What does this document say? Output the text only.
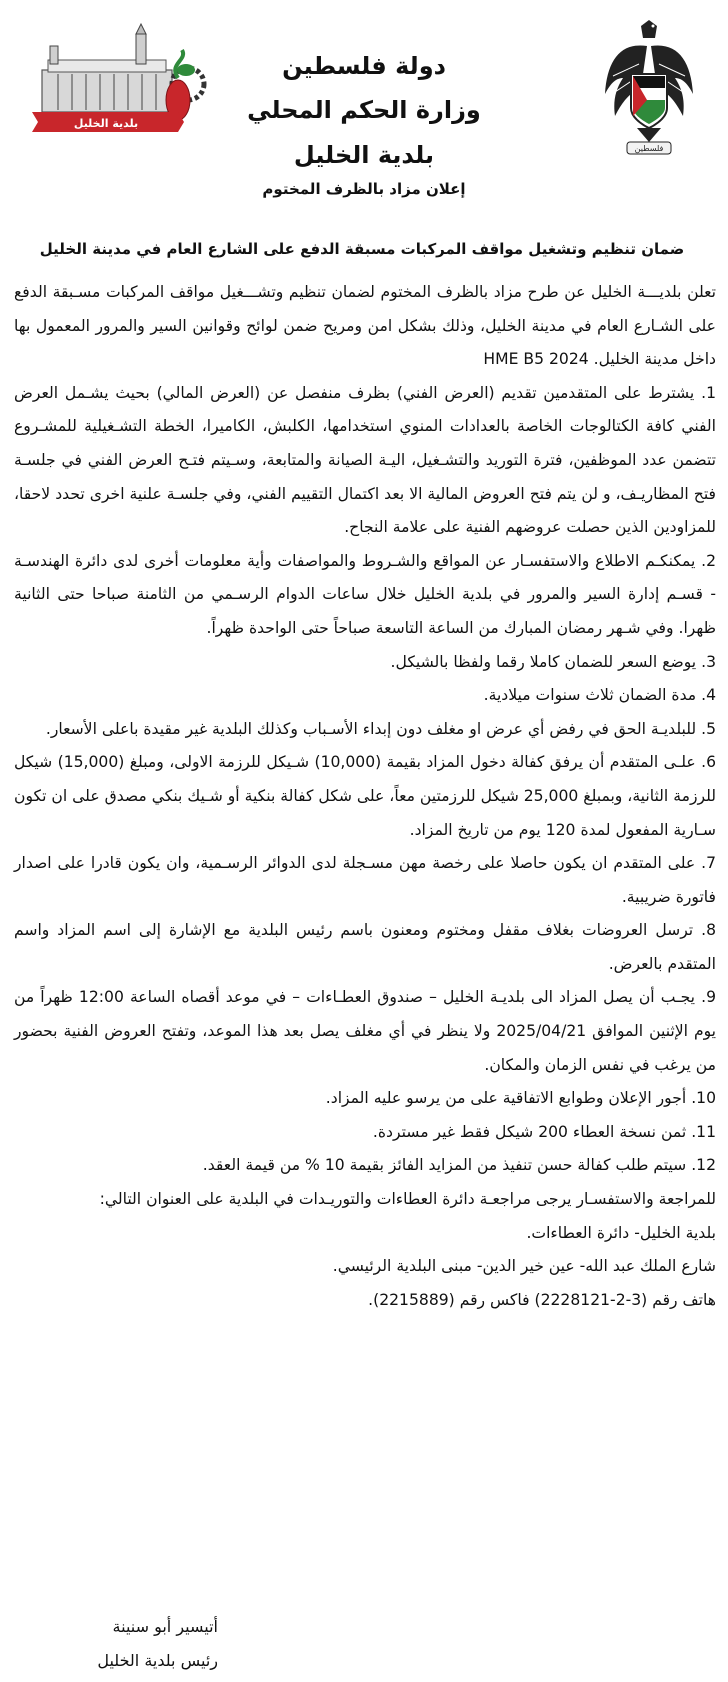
بلدية الخليل
فلسطين
دولة فلسطين
وزارة الحكم المحلي
بلدية الخليل
إعلان مزاد بالظرف المختوم
ضمان تنظيم وتشغيل مواقف المركبات مسبقة الدفع على الشارع العام في مدينة الخليل

تعلن بلديـــة الخليل عن طرح مزاد بالظرف المختوم لضمان تنظيم وتشـــغيل مواقف المركبات مسـبقة الدفع على الشـارع العام في مدينة الخليل، وذلك بشكل امن ومريح ضمن لوائح وقوانين السير والمرور المعمول بها داخل مدينة الخليل. HME B5 2024

1. يشترط على المتقدمين تقديم (العرض الفني) بظرف منفصل عن (العرض المالي) بحيث يشـمل العرض الفني كافة الكتالوجات الخاصة بالعدادات المنوي استخدامها، الكلبش، الكاميرا، الخطة التشـغيلية للمشـروع تتضمن عدد الموظفين، فترة التوريد والتشـغيل، اليـة الصيانة والمتابعة، وسـيتم فتـح العرض الفني في جلسـة فتح المظاريـف، و لن يتم فتح العروض المالية الا بعد اكتمال التقييم الفني، وفي جلسـة علنية اخرى تحدد لاحقا، للمزاودين الذين حصلت عروضهم الفنية على علامة النجاح.

2. يمكنكـم الاطلاع والاستفسـار عن المواقع والشـروط والمواصفات وأية معلومات أخرى لدى دائرة الهندسـة - قسـم إدارة السير والمرور في بلدية الخليل خلال ساعات الدوام الرسـمي من الثامنة صباحا حتى الثانية ظهرا. وفي شـهر رمضان المبارك من الساعة التاسعة صباحاً حتى الواحدة ظهراً.

3. يوضع السعر للضمان كاملا رقما ولفظا بالشيكل.

4. مدة الضمان ثلاث سنوات ميلادية.

5. للبلديـة الحق في رفض أي عرض او مغلف دون إبداء الأسـباب وكذلك البلدية غير مقيدة باعلى الأسعار.

6. علـى المتقدم أن يرفق كفالة دخول المزاد بقيمة (10,000) شـيكل للرزمة الاولى، ومبلغ (15,000) شيكل للرزمة الثانية، وبمبلغ 25,000 شيكل للرزمتين معاً، على شكل كفالة بنكية أو شـيك بنكي مصدق على ان تكون سـارية المفعول لمدة 120 يوم من تاريخ المزاد.

7. على المتقدم ان يكون حاصلا على رخصة مهن مسـجلة لدى الدوائر الرسـمية، وان يكون قادرا على اصدار فاتورة ضريبية.

8. ترسل العروضات بغلاف مقفل ومختوم ومعنون باسم رئيس البلدية مع الإشارة إلى اسم المزاد واسم المتقدم بالعرض.

9. يجـب أن يصل المزاد الى بلديـة الخليل – صندوق العطـاءات – في موعد أقصاه الساعة 12:00 ظهراً من يوم الإثنين الموافق 2025/04/21 ولا ينظر في أي مغلف يصل بعد هذا الموعد، وتفتح العروض الفنية بحضور من يرغب في نفس الزمان والمكان.

10. أجور الإعلان وطوابع الاتفاقية على من يرسو عليه المزاد.

11. ثمن نسخة العطاء 200 شيكل فقط غير مستردة.

12. سيتم طلب كفالة حسن تنفيذ من المزايد الفائز بقيمة 10 % من قيمة العقد.

للمراجعة والاستفسـار يرجى مراجعـة دائرة العطاءات والتوريـدات في البلدية على العنوان التالي:

بلدية الخليل- دائرة العطاءات.

شارع الملك عبد الله- عين خير الدين- مبنى البلدية الرئيسي.

هاتف رقم (3-2-2228121) فاكس رقم (2215889).

أتيسير أبو سنينة
رئيس بلدية الخليل
